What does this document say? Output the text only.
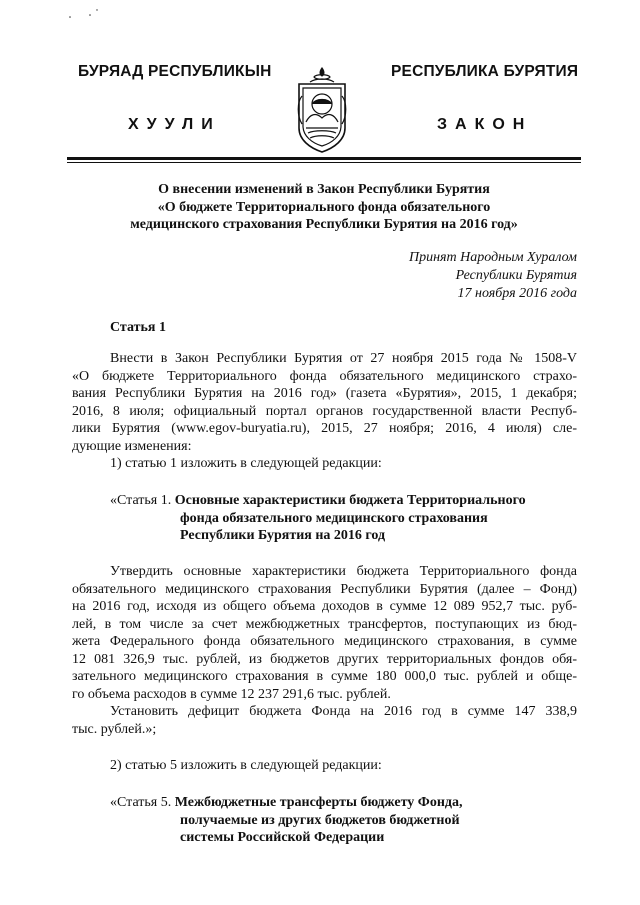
БУРЯАД РЕСПУБЛИКЫН	РЕСПУБЛИКА БУРЯТИЯ
ХУУЛИ	ЗАКОН
О внесении изменений в Закон Республики Бурятия
«О бюджете Территориального фонда обязательного
медицинского страхования Республики Бурятия на 2016 год»
Принят Народным Хуралом
Республики Бурятия
17 ноября 2016 года
Статья 1
Внести в Закон Республики Бурятия от 27 ноября 2015 года № 1508-V
«О бюджете Территориального фонда обязательного медицинского страхо-
вания Республики Бурятия на 2016 год» (газета «Бурятия», 2015, 1 декабря;
2016, 8 июля; официальный портал органов государственной власти Респуб-
лики Бурятия (www.egov-buryatia.ru), 2015, 27 ноября; 2016, 4 июля) сле-
дующие изменения:
1) статью 1 изложить в следующей редакции:
«Статья 1. Основные характеристики бюджета Территориального
фонда обязательного медицинского страхования
Республики Бурятия на 2016 год
Утвердить основные характеристики бюджета Территориального фонда
обязательного медицинского страхования Республики Бурятия (далее – Фонд)
на 2016 год, исходя из общего объема доходов в сумме 12 089 952,7 тыс. руб-
лей, в том числе за счет межбюджетных трансфертов, поступающих из бюд-
жета Федерального фонда обязательного медицинского страхования, в сумме
12 081 326,9 тыс. рублей, из бюджетов других территориальных фондов обя-
зательного медицинского страхования в сумме 180 000,0 тыс. рублей и обще-
го объема расходов в сумме 12 237 291,6 тыс. рублей.
Установить дефицит бюджета Фонда на 2016 год в сумме 147 338,9
тыс. рублей.»;
2) статью 5 изложить в следующей редакции:
«Статья 5. Межбюджетные трансферты бюджету Фонда,
получаемые из других бюджетов бюджетной
системы Российской Федерации
